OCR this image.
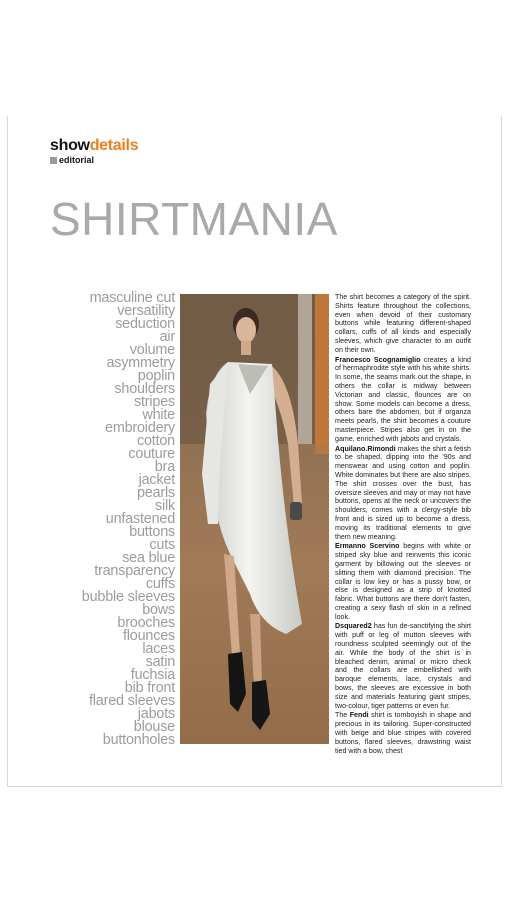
showdetails
editorial
SHIRTMANIA
masculine cut
versatility
seduction
air
volume
asymmetry
poplin
shoulders
stripes
white
embroidery
cotton
couture
bra
jacket
pearls
silk
unfastened
buttons
cuts
sea blue
transparency
cuffs
bubble sleeves
bows
brooches
flounces
laces
satin
fuchsia
bib front
flared sleeves
jabots
blouse
buttonholes

The shirt becomes a category of the spirit. Shirts feature throughout the collections, even when devoid of their customary buttons while featuring different-shaped collars, cuffs of all kinds and especially sleeves, which give character to an outfit on their own.

Francesco Scognamiglio creates a kind of hermaphrodite style with his white shirts. In some, the seams mark out the shape, in others the collar is midway between Victorian and classic, flounces are on show. Some models can become a dress, others bare the abdomen, but if organza meets pearls, the shirt becomes a couture masterpiece. Stripes also get in on the game, enriched with jabots and crystals.

Aquilano.Rimondi makes the shirt a fetish to be shaped, dipping into the '90s and menswear and using cotton and poplin. White dominates but there are also stripes. The shirt crosses over the bust, has oversize sleeves and may or may not have buttons, opens at the neck or uncovers the shoulders, comes with a clergy-style bib front and is sized up to become a dress, moving its traditional elements to give them new meaning.

Ermanno Scervino begins with white or striped sky blue and reinvents this iconic garment by billowing out the sleeves or slitting them with diamond precision. The collar is low key or has a pussy bow, or else is designed as a strip of knotted fabric. What buttons are there don't fasten, creating a sexy flash of skin in a refined look.

Dsquared2 has fun de-sanctifying the shirt with puff or leg of mutton sleeves with roundness sculpted seemingly out of the air. While the body of the shirt is in bleached denim, animal or micro check and the collars are embellished with baroque elements, lace, crystals and bows, the sleeves are excessive in both size and materials featuring giant stripes, two-colour, tiger patterns or even fur.

The Fendi shirt is tomboyish in shape and precious in its tailoring. Super-constructed with beige and blue stripes with covered buttons, flared sleeves, drawstring waist tied with a bow, chest
